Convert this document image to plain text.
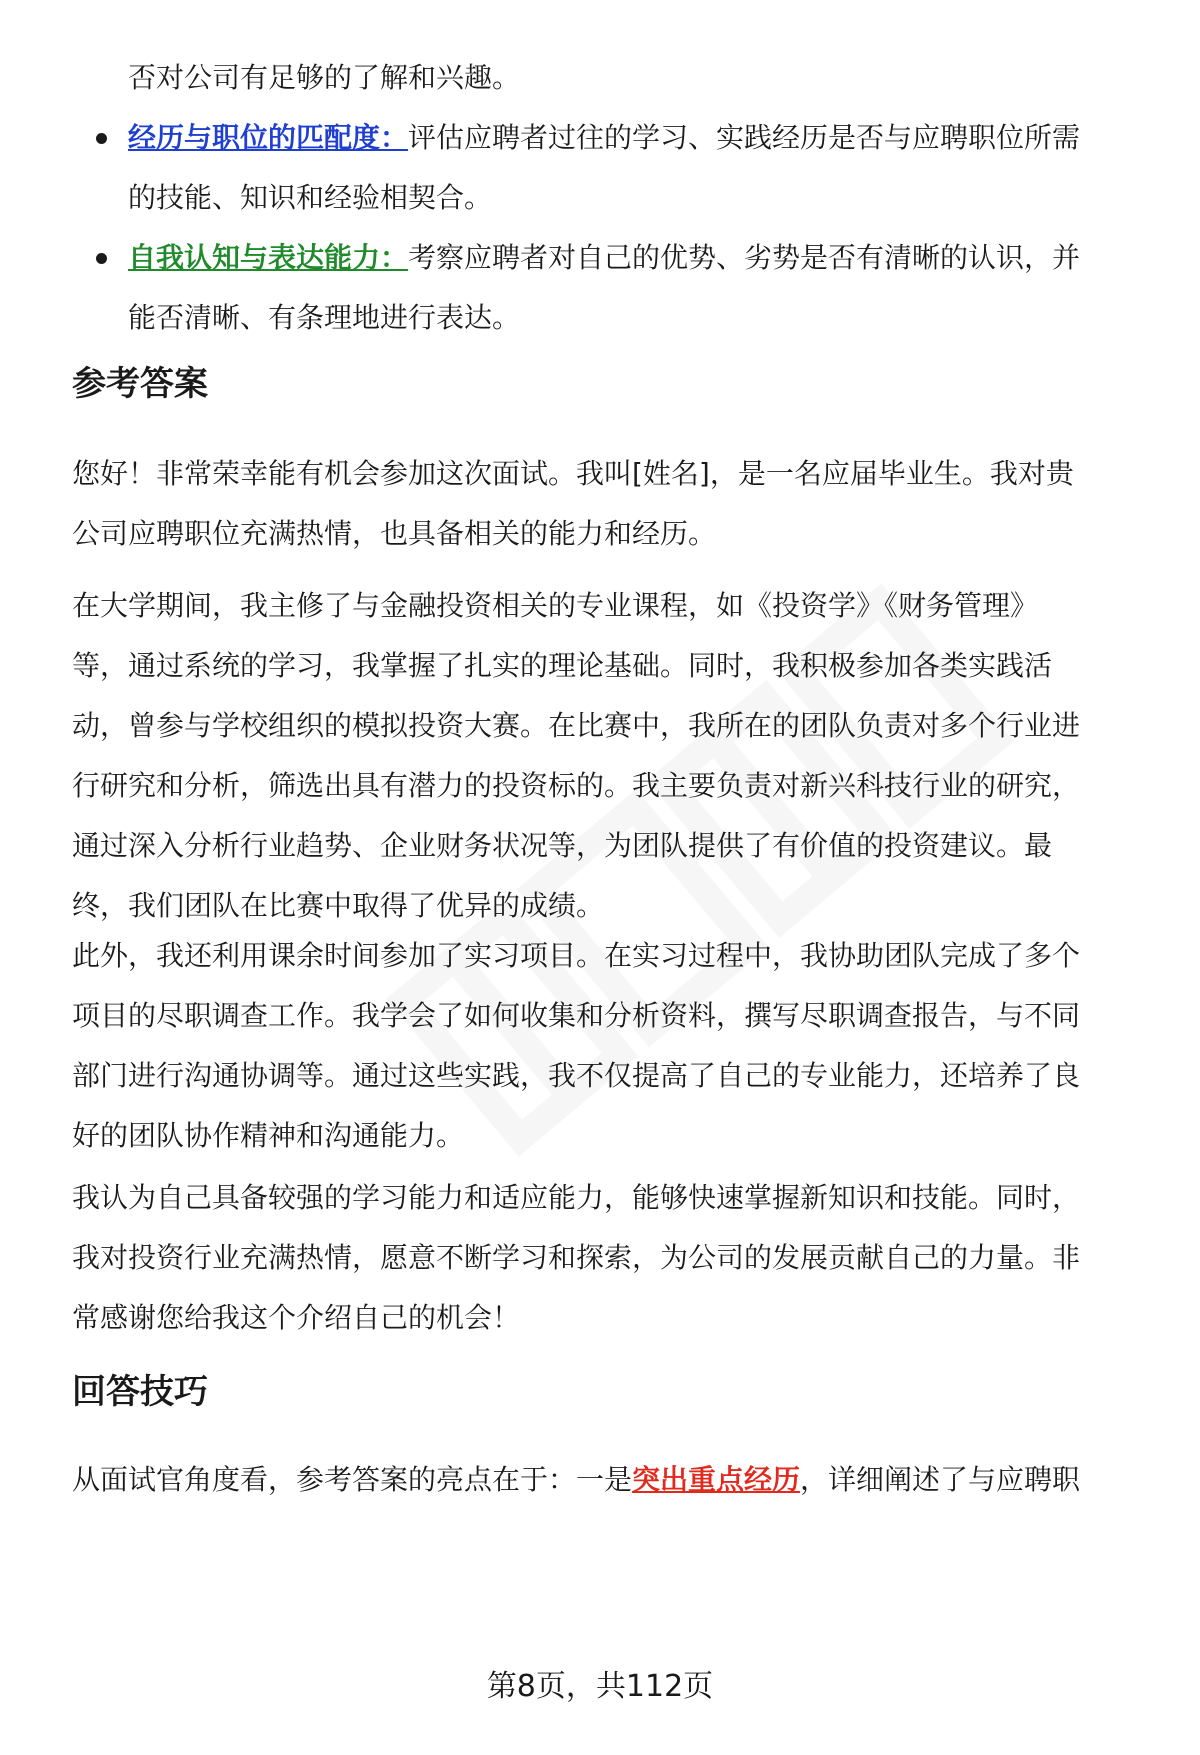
否对公司有足够的了解和兴趣。
经历与职位的匹配度：评估应聘者过往的学习、实践经历是否与应聘职位所需
的技能、知识和经验相契合。
自我认知与表达能力：考察应聘者对自己的优势、劣势是否有清晰的认识，并
能否清晰、有条理地进行表达。
参考答案
您好！非常荣幸能有机会参加这次面试。我叫[姓名]，是一名应届毕业生。我对贵
公司应聘职位充满热情，也具备相关的能力和经历。
在大学期间，我主修了与金融投资相关的专业课程，如《投资学》《财务管理》
等，通过系统的学习，我掌握了扎实的理论基础。同时，我积极参加各类实践活
动，曾参与学校组织的模拟投资大赛。在比赛中，我所在的团队负责对多个行业进
行研究和分析，筛选出具有潜力的投资标的。我主要负责对新兴科技行业的研究，
通过深入分析行业趋势、企业财务状况等，为团队提供了有价值的投资建议。最
终，我们团队在比赛中取得了优异的成绩。
此外，我还利用课余时间参加了实习项目。在实习过程中，我协助团队完成了多个
项目的尽职调查工作。我学会了如何收集和分析资料，撰写尽职调查报告，与不同
部门进行沟通协调等。通过这些实践，我不仅提高了自己的专业能力，还培养了良
好的团队协作精神和沟通能力。
我认为自己具备较强的学习能力和适应能力，能够快速掌握新知识和技能。同时，
我对投资行业充满热情，愿意不断学习和探索，为公司的发展贡献自己的力量。非
常感谢您给我这个介绍自己的机会！
回答技巧
从面试官角度看，参考答案的亮点在于：一是突出重点经历，详细阐述了与应聘职
第8页，共112页
